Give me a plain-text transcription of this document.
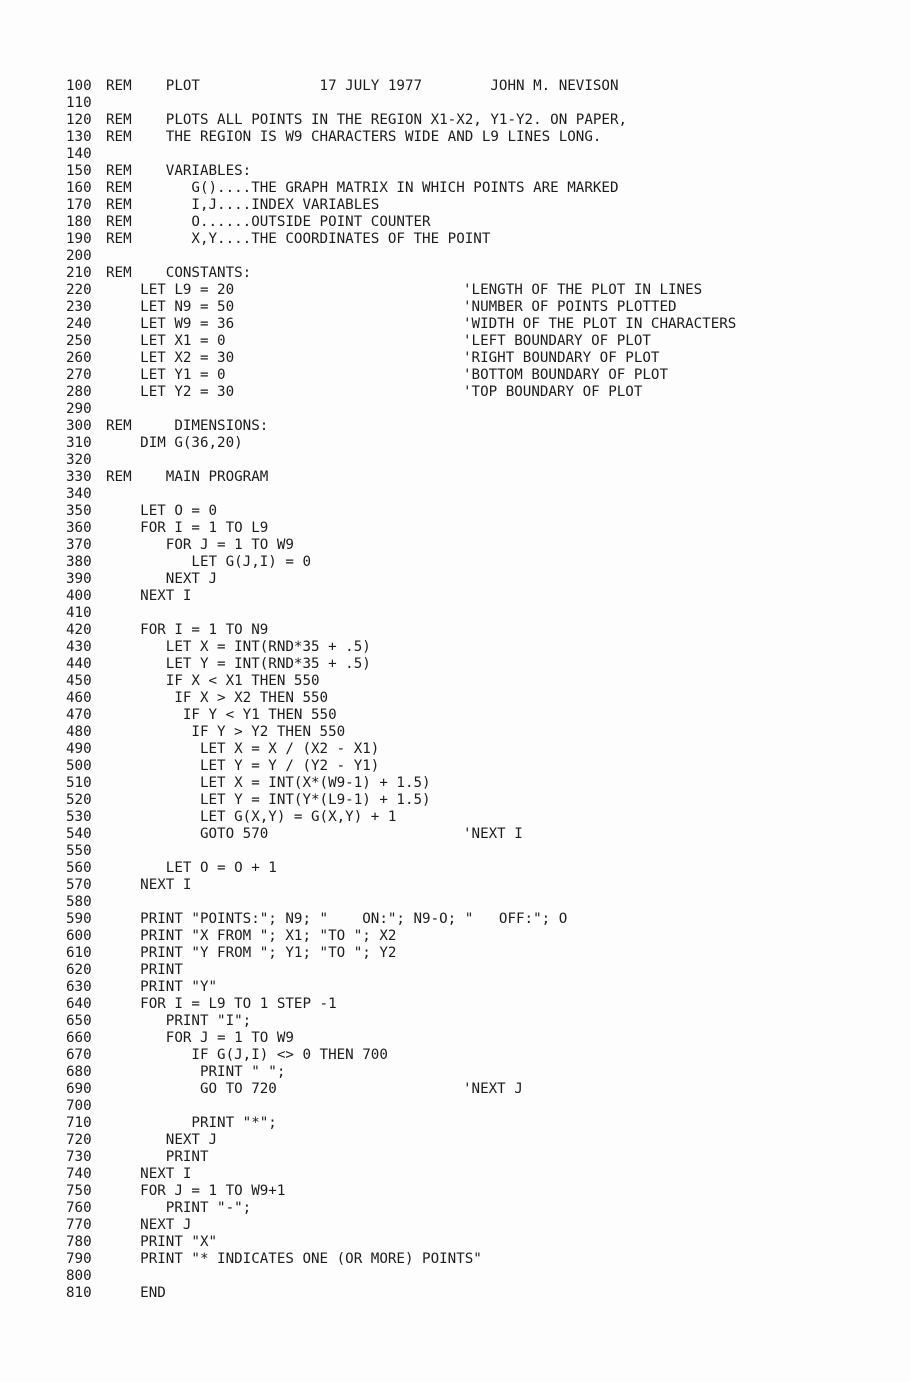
100 REM    PLOT              17 JULY 1977        JOHN M. NEVISON
110
120 REM    PLOTS ALL POINTS IN THE REGION X1-X2, Y1-Y2. ON PAPER,
130 REM    THE REGION IS W9 CHARACTERS WIDE AND L9 LINES LONG.
140
150 REM    VARIABLES:
160 REM       G()....THE GRAPH MATRIX IN WHICH POINTS ARE MARKED
170 REM       I,J....INDEX VARIABLES
180 REM       O......OUTSIDE POINT COUNTER
190 REM       X,Y....THE COORDINATES OF THE POINT
200
210 REM    CONSTANTS:
220 LET L9 = 20	'LENGTH OF THE PLOT IN LINES
230 LET N9 = 50	'NUMBER OF POINTS PLOTTED
240 LET W9 = 36	'WIDTH OF THE PLOT IN CHARACTERS
250 LET X1 = 0	'LEFT BOUNDARY OF PLOT
260 LET X2 = 30	'RIGHT BOUNDARY OF PLOT
270 LET Y1 = 0	'BOTTOM BOUNDARY OF PLOT
280 LET Y2 = 30	'TOP BOUNDARY OF PLOT
290
300 REM     DIMENSIONS:
310 DIM G(36,20)
320
330 REM    MAIN PROGRAM
340
350 LET O = 0
360 FOR I = 1 TO L9
370 FOR J = 1 TO W9
380 LET G(J,I) = 0
390 NEXT J
400 NEXT I
410
420 FOR I = 1 TO N9
430 LET X = INT(RND*35 + .5)
440 LET Y = INT(RND*35 + .5)
450 IF X < X1 THEN 550
460 IF X > X2 THEN 550
470 IF Y < Y1 THEN 550
480 IF Y > Y2 THEN 550
490 LET X = X / (X2 - X1)
500 LET Y = Y / (Y2 - Y1)
510 LET X = INT(X*(W9-1) + 1.5)
520 LET Y = INT(Y*(L9-1) + 1.5)
530 LET G(X,Y) = G(X,Y) + 1
540 GOTO 570	'NEXT I
550
560 LET O = O + 1
570 NEXT I
580
590 PRINT "POINTS:"; N9; "    ON:"; N9-O; "   OFF:"; O
600 PRINT "X FROM "; X1; "TO "; X2
610 PRINT "Y FROM "; Y1; "TO "; Y2
620 PRINT
630 PRINT "Y"
640 FOR I = L9 TO 1 STEP -1
650 PRINT "I";
660 FOR J = 1 TO W9
670 IF G(J,I) <> 0 THEN 700
680 PRINT " ";
690 GO TO 720	'NEXT J
700
710 PRINT "*";
720 NEXT J
730 PRINT
740 NEXT I
750 FOR J = 1 TO W9+1
760 PRINT "-";
770 NEXT J
780 PRINT "X"
790 PRINT "* INDICATES ONE (OR MORE) POINTS"
800
810 END
